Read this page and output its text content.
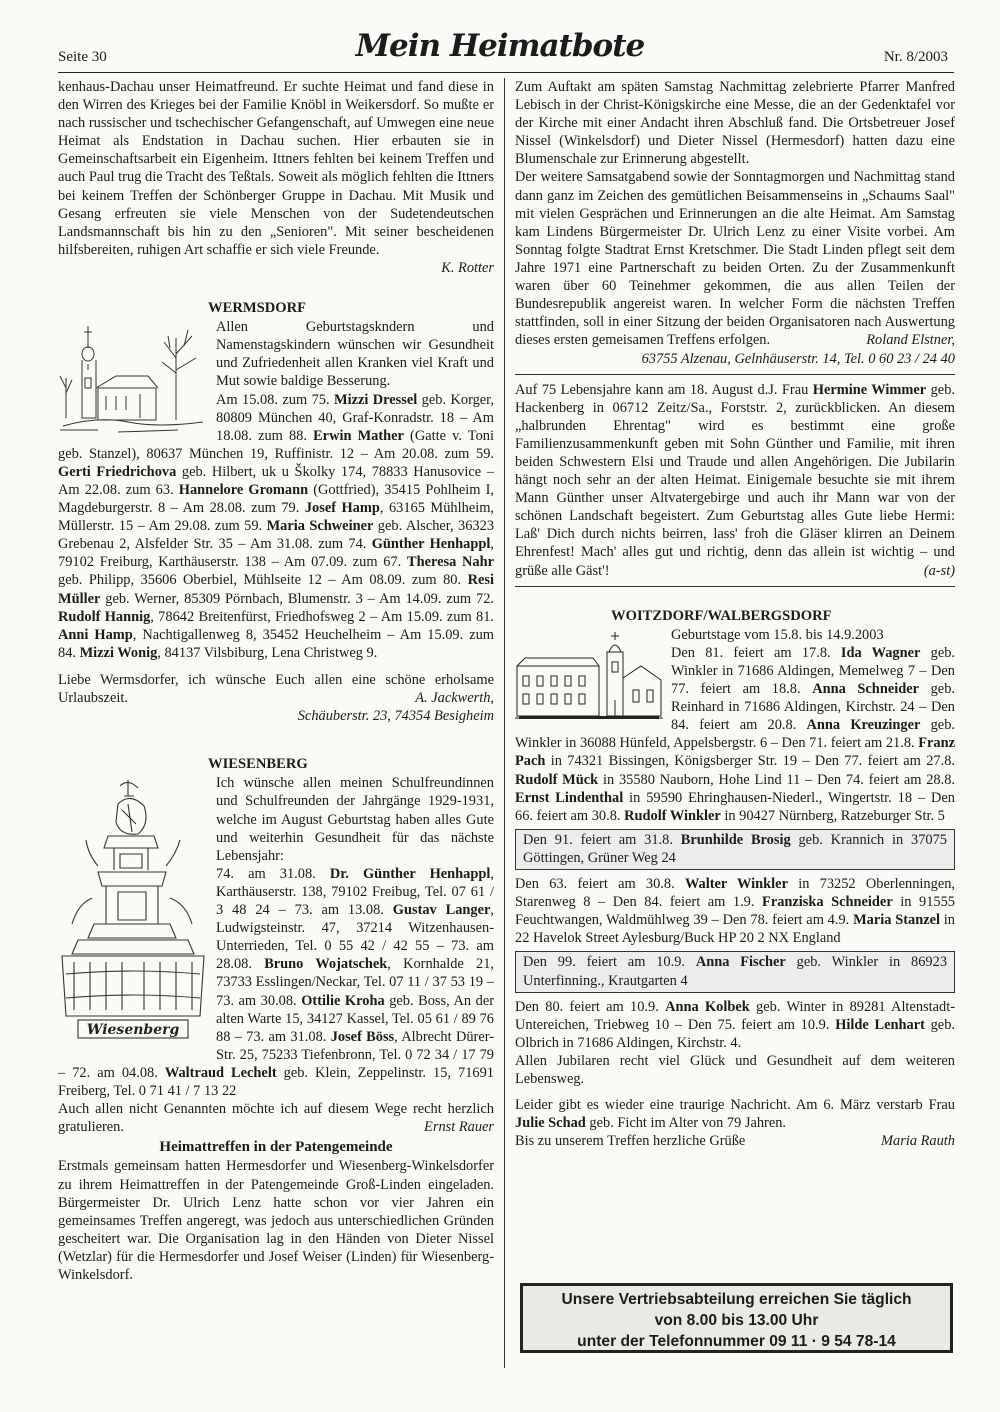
Seite 30	Mein Heimatbote	Nr. 8/2003

kenhaus-Dachau unser Heimatfreund. Er suchte Heimat und fand diese in den Wirren des Krieges bei der Familie Knöbl in Weikersdorf. So mußte er nach russischer und tschechischer Gefangenschaft, auf Umwegen eine neue Heimat als Endstation in Dachau suchen. Hier erbauten sie in Gemeinschaftsarbeit ein Eigenheim. Ittners fehlten bei keinem Treffen und auch Paul trug die Tracht des Teßtals. Soweit als möglich fehlten die Ittners bei keinem Treffen der Schönberger Gruppe in Dachau. Mit Musik und Gesang erfreuten sie viele Menschen von der Sudetendeutschen Landsmannschaft bis hin zu den „Senioren". Mit seiner bescheidenen hilfsbereiten, ruhigen Art schaffie er sich viele Freunde.

K. Rotter

WERMSDORF

Allen Geburtstagskndern und Namenstagskindern wünschen wir Gesundheit und Zufriedenheit allen Kranken viel Kraft und Mut sowie baldige Besserung.

Am 15.08. zum 75. Mizzi Dressel geb. Korger, 80809 München 40, Graf-Konradstr. 18 – Am 18.08. zum 88. Erwin Mather (Gatte v. Toni geb. Stanzel), 80637 München 19, Ruffinistr. 12 – Am 20.08. zum 59. Gerti Friedrichova geb. Hilbert, uk u Školky 174, 78833 Hanusovice – Am 22.08. zum 63. Hannelore Gromann (Gottfried), 35415 Pohlheim I, Magdeburgerstr. 8 – Am 28.08. zum 79. Josef Hamp, 63165 Mühlheim, Müllerstr. 15 – Am 29.08. zum 59. Maria Schweiner geb. Alscher, 36323 Grebenau 2, Alsfelder Str. 35 – Am 31.08. zum 74. Günther Henhappl, 79102 Freiburg, Karthäuserstr. 138 – Am 07.09. zum 67. Theresa Nahr geb. Philipp, 35606 Oberbiel, Mühlseite 12 – Am 08.09. zum 80. Resi Müller geb. Werner, 85309 Pörnbach, Blumenstr. 3 – Am 14.09. zum 72. Rudolf Hannig, 78642 Breitenfürst, Friedhofsweg 2 – Am 15.09. zum 81. Anni Hamp, Nachtigallenweg 8, 35452 Heuchelheim – Am 15.09. zum 84. Mizzi Wonig, 84137 Vilsbiburg, Lena Christweg 9.

Liebe Wermsdorfer, ich wünsche Euch allen eine schöne erholsame Urlaubszeit.	A. Jackwerth,

Schäuberstr. 23, 74354 Besigheim

WIESENBERG

Wiesenberg

Ich wünsche allen meinen Schulfreundinnen und Schulfreunden der Jahrgänge 1929-1931, welche im August Geburtstag haben alles Gute und weiterhin Gesundheit für das nächste Lebensjahr:

74. am 31.08. Dr. Günther Henhappl, Karthäuserstr. 138, 79102 Freibug, Tel. 07 61 / 3 48 24 – 73. am 13.08. Gustav Langer, Ludwigsteinstr. 47, 37214 Witzenhausen-Unterrieden, Tel. 0 55 42 / 42 55 – 73. am 28.08. Bruno Wojatschek, Kornhalde 21, 73733 Esslingen/Neckar, Tel. 07 11 / 37 53 19 – 73. am 30.08. Ottilie Kroha geb. Boss, An der alten Warte 15, 34127 Kassel, Tel. 05 61 / 89 76 88 – 73. am 31.08. Josef Böss, Albrecht Dürer-Str. 25, 75233 Tiefenbronn, Tel. 0 72 34 / 17 79 – 72. am 04.08. Waltraud Lechelt geb. Klein, Zeppelinstr. 15, 71691 Freiberg, Tel. 0 71 41 / 7 13 22

Auch allen nicht Genannten möchte ich auf diesem Wege recht herzlich gratulieren.	Ernst Rauer

Heimattreffen in der Patengemeinde

Erstmals gemeinsam hatten Hermesdorfer und Wiesenberg-Winkelsdorfer zu ihrem Heimattreffen in der Patengemeinde Groß-Linden eingeladen. Bürgermeister Dr. Ulrich Lenz hatte schon vor vier Jahren ein gemeinsames Treffen angeregt, was jedoch aus unterschiedlichen Gründen gescheitert war. Die Organisation lag in den Händen von Dieter Nissel (Wetzlar) für die Hermesdorfer und Josef Weiser (Linden) für Wiesenberg-Winkelsdorf.

Zum Auftakt am späten Samstag Nachmittag zelebrierte Pfarrer Manfred Lebisch in der Christ-Königskirche eine Messe, die an der Gedenktafel vor der Kirche mit einer Andacht ihren Abschluß fand. Die Ortsbetreuer Josef Nissel (Winkelsdorf) und Dieter Nissel (Hermesdorf) hatten dazu eine Blumenschale zur Erinnerung abgestellt.

Der weitere Samsatgabend sowie der Sonntagmorgen und Nachmittag stand dann ganz im Zeichen des gemütlichen Beisammenseins in „Schaums Saal" mit vielen Gesprächen und Erinnerungen an die alte Heimat. Am Samstag kam Lindens Bürgermeister Dr. Ulrich Lenz zu einer Visite vorbei. Am Sonntag folgte Stadtrat Ernst Kretschmer. Die Stadt Linden pflegt seit dem Jahre 1971 eine Partnerschaft zu beiden Orten. Zu der Zusammenkunft waren über 60 Teinehmer gekommen, die aus allen Teilen der Bundesrepublik angereist waren. In welcher Form die nächsten Treffen stattfinden, soll in einer Sitzung der beiden Organisatoren nach Auswertung dieses ersten gemeisamen Treffens erfolgen.	Roland Elstner,

63755 Alzenau, Gelnhäuserstr. 14, Tel. 0 60 23 / 24 40

Auf 75 Lebensjahre kann am 18. August d.J. Frau Hermine Wimmer geb. Hackenberg in 06712 Zeitz/Sa., Forststr. 2, zurückblicken. An diesem „halbrunden Ehrentag" wird es bestimmt eine große Familienzusammenkunft geben mit Sohn Günther und Familie, mit ihren beiden Schwestern Elsi und Traude und allen Angehörigen. Die Jubilarin hängt noch sehr an der alten Heimat. Einigemale besuchte sie mit ihrem Mann Günther unser Altvatergebirge und auch ihr Mann war von der schönen Landschaft begeistert. Zum Geburtstag alles Gute liebe Hermi: Laß' Dich durch nichts beirren, lass' froh die Gläser klirren an Deinem Ehrenfest! Mach' alles gut und richtig, denn das allein ist wichtig – und grüße alle Gäst'!	(a-st)

WOITZDORF/WALBERGSDORF

Geburtstage vom 15.8. bis 14.9.2003

Den 81. feiert am 17.8. Ida Wagner geb. Winkler in 71686 Aldingen, Memelweg 7 – Den 77. feiert am 18.8. Anna Schneider geb. Reinhard in 71686 Aldingen, Kirchstr. 24 – Den 84. feiert am 20.8. Anna Kreuzinger geb. Winkler in 36088 Hünfeld, Appelsbergstr. 6 – Den 71. feiert am 21.8. Franz Pach in 74321 Bissingen, Königsberger Str. 19 – Den 77. feiert am 27.8. Rudolf Mück in 35580 Nauborn, Hohe Lind 11 – Den 74. feiert am 28.8. Ernst Lindenthal in 59590 Ehringhausen-Niederl., Wingertstr. 18 – Den 66. feiert am 30.8. Rudolf Winkler in 90427 Nürnberg, Ratzeburger Str. 5

Den 91. feiert am 31.8. Brunhilde Brosig geb. Krannich in 37075 Göttingen, Grüner Weg 24

Den 63. feiert am 30.8. Walter Winkler in 73252 Oberlenningen, Starenweg 8 – Den 84. feiert am 1.9. Franziska Schneider in 91555 Feuchtwangen, Waldmühlweg 39 – Den 78. feiert am 4.9. Maria Stanzel in 22 Havelok Street Aylesburg/Buck HP 20 2 NX England

Den 99. feiert am 10.9. Anna Fischer geb. Winkler in 86923 Unterfinning., Krautgarten 4

Den 80. feiert am 10.9. Anna Kolbek geb. Winter in 89281 Altenstadt-Untereichen, Triebweg 10 – Den 75. feiert am 10.9. Hilde Lenhart geb. Olbrich in 71686 Aldingen, Kirchstr. 4.

Allen Jubilaren recht viel Glück und Gesundheit auf dem weiteren Lebensweg.

Leider gibt es wieder eine traurige Nachricht. Am 6. März verstarb Frau Julie Schad geb. Ficht im Alter von 79 Jahren.

Bis zu unserem Treffen herzliche Grüße	Maria Rauth

Unsere Vertriebsabteilung erreichen Sie täglich
von 8.00 bis 13.00 Uhr
unter der Telefonnummer 09 11 · 9 54 78-14
